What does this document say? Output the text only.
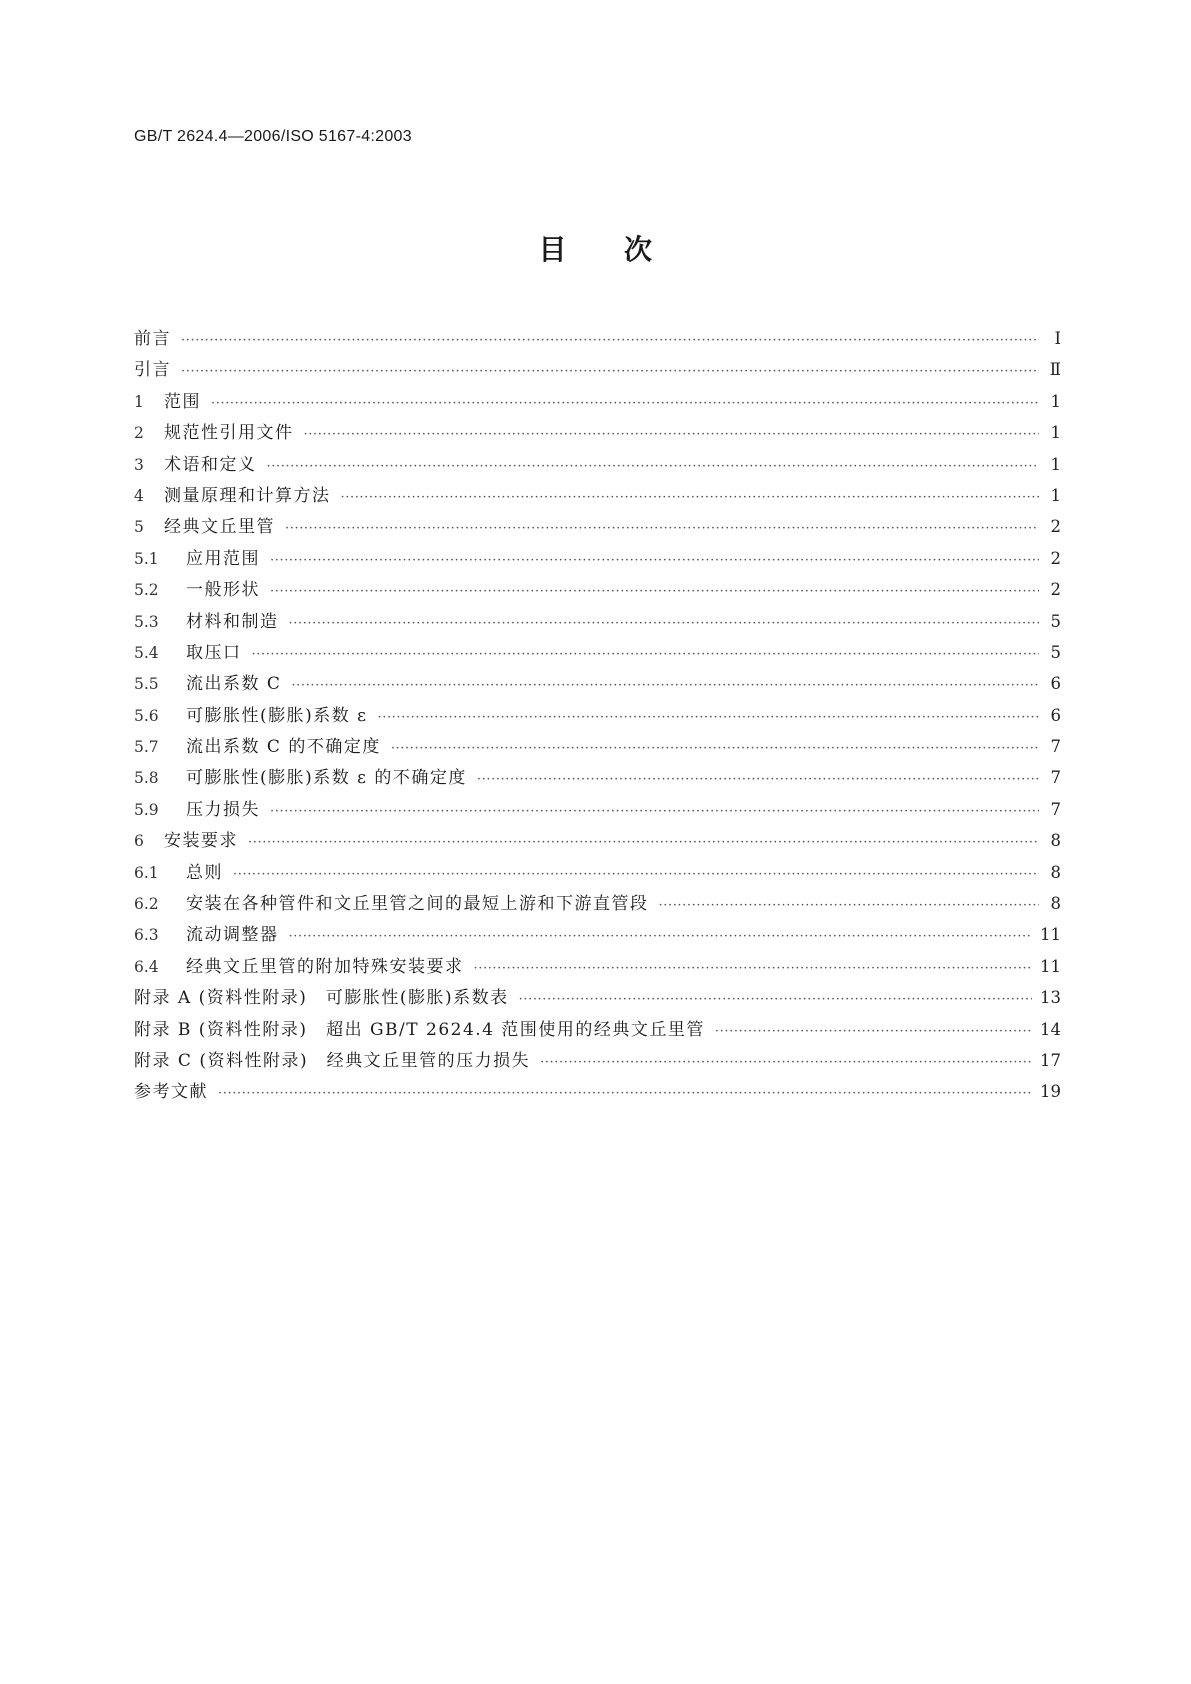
GB/T 2624.4—2006/ISO 5167-4:2003
目　　次
前言 ·····	I
引言 ·····	Ⅱ
1	范围 ·····	1
2	规范性引用文件 ·····	1
3	术语和定义 ·····	1
4	测量原理和计算方法 ·····	1
5	经典文丘里管 ·····	2
5.1	应用范围 ·····	2
5.2	一般形状 ·····	2
5.3	材料和制造 ·····	5
5.4	取压口 ·····	5
5.5	流出系数 C ·····	6
5.6	可膨胀性(膨胀)系数 ε ·····	6
5.7	流出系数 C 的不确定度 ·····	7
5.8	可膨胀性(膨胀)系数 ε 的不确定度 ·····	7
5.9	压力损失 ·····	7
6	安装要求 ·····	8
6.1	总则 ·····	8
6.2	安装在各种管件和文丘里管之间的最短上游和下游直管段 ·····	8
6.3	流动调整器 ·····	11
6.4	经典文丘里管的附加特殊安装要求 ·····	11
附录 A (资料性附录)　可膨胀性(膨胀)系数表 ·····	13
附录 B (资料性附录)　超出 GB/T 2624.4 范围使用的经典文丘里管 ·····	14
附录 C (资料性附录)　经典文丘里管的压力损失 ·····	17
参考文献 ·····	19
